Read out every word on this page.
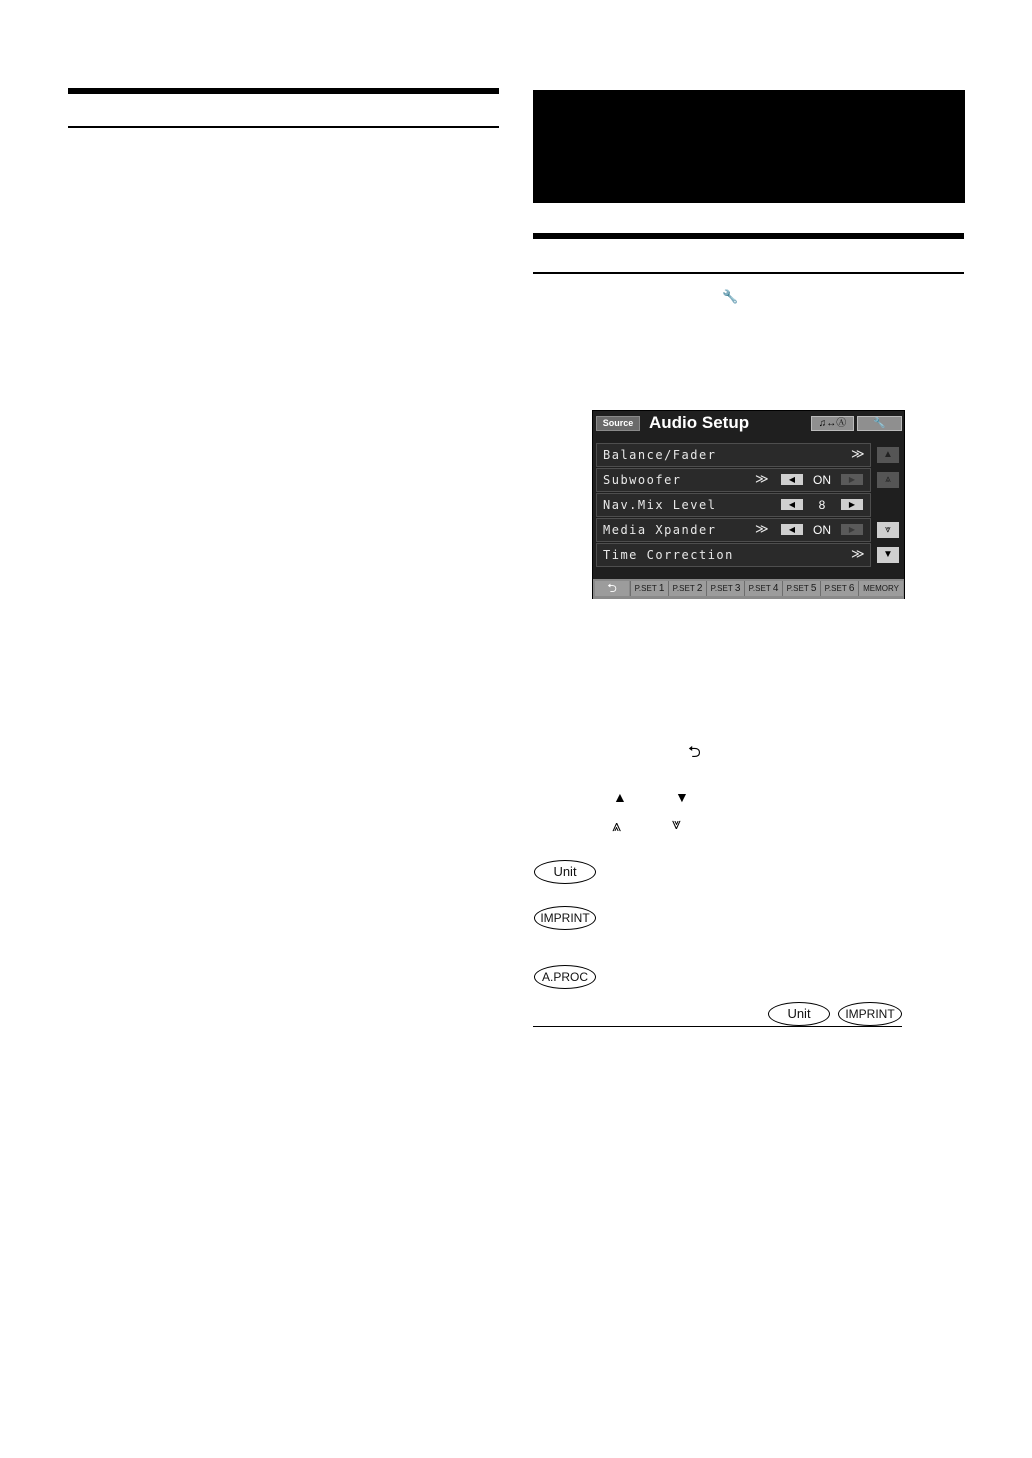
🔧
Source Audio Setup	♫↔Ⓐ	🔧
Balance/Fader	≫
Subwoofer	≫	◀	ON	▶
Nav.Mix Level	◀	8	▶
Media Xpander	≫	◀	ON	▶
Time Correction	≫
▲
⩓
⩔
▼
⮌	P.SET 1	P.SET 2	P.SET 3	P.SET 4	P.SET 5	P.SET 6	MEMORY
⮌
▲	▼
⩓	⩔
Unit
IMPRINT
A.PROC
Unit	IMPRINT
